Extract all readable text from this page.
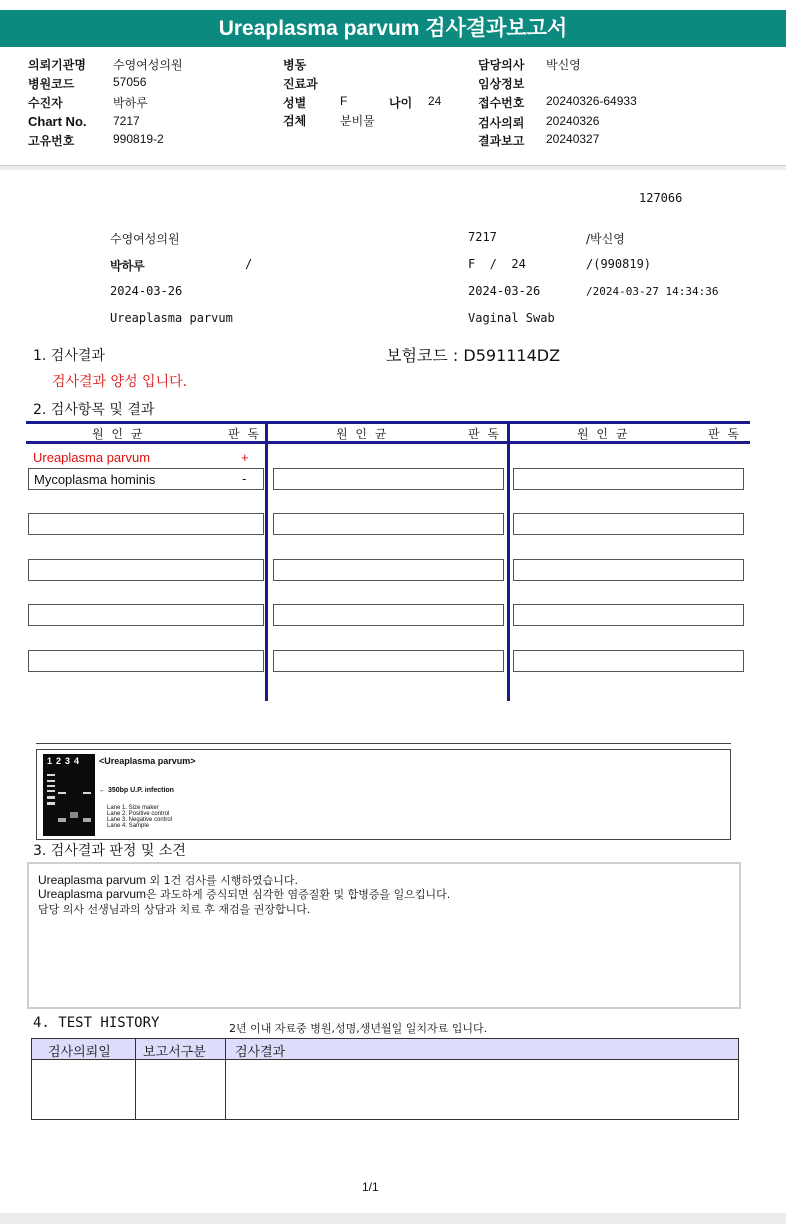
Ureaplasma parvum 검사결과보고서
의뢰기관명 수영여성의원
병원코드	57056
수진자	박하루
Chart No. 7217
고유번호	990819-2
병동
진료과
성별	F	나이 24
검체	분비물
담당의사 박신영
임상정보
접수번호 20240326-64933
검사의뢰 20240326
결과보고 20240327
127066
수영여성의원	7217	/박신영
박하루	/	F  /  24	/(990819)
2024-03-26	2024-03-26	/2024-03-27 14:34:36
Ureaplasma parvum	Vaginal Swab
1. 검사결과	보험코드 : D591114DZ
검사결과 양성 입니다.
2. 검사항목 및 결과
원 인 균	판 독	원 인 균	판 독	원 인 균	판 독
Ureaplasma parvum	+
Mycoplasma hominis	-
1234 <Ureaplasma parvum>
← 350bp U.P. infection
Lane 1. Size maker
Lane 2. Positive control
Lane 3. Negative control
Lane 4. Sample
3. 검사결과 판정 및 소견
Ureaplasma parvum 외 1건 검사를 시행하였습니다.
Ureaplasma parvum은 과도하게 증식되면 심각한 염증질환 및 합병증을 일으킵니다.
담당 의사 선생님과의 상담과 치료 후 재검을 권장합니다.
4. TEST HISTORY	2년 이내 자료중 병원,성명,생년월일 일치자료 입니다.
검사의뢰일 보고서구분 검사결과
1/1
